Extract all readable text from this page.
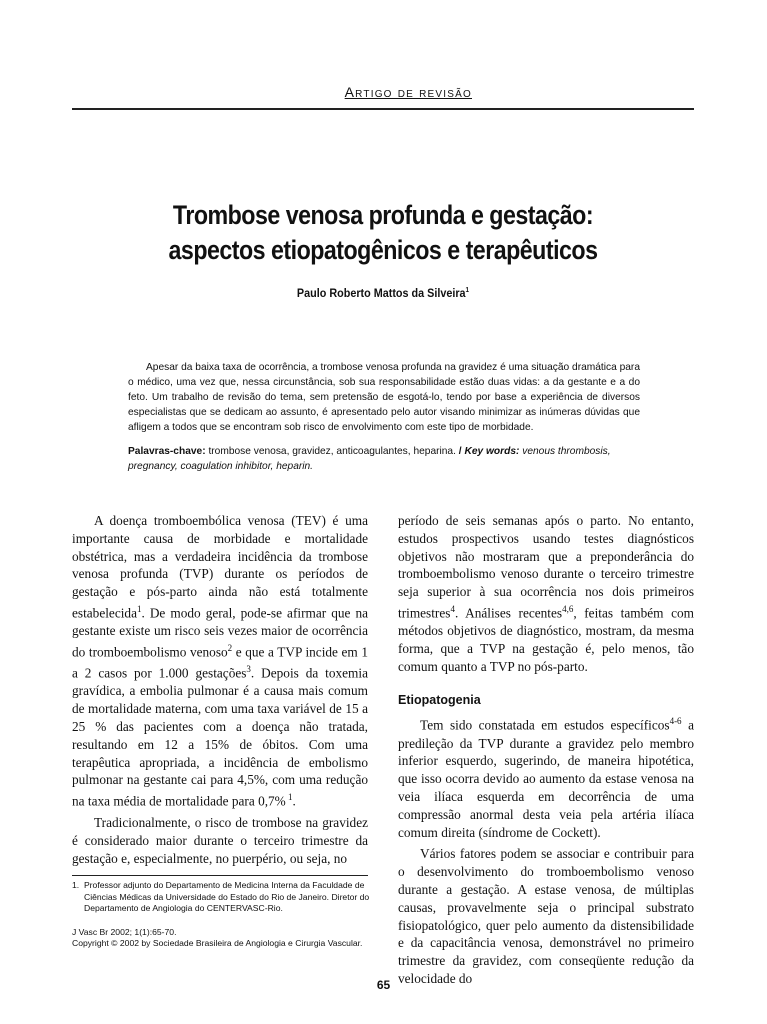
Artigo de revisão
Trombose venosa profunda e gestação:
aspectos etiopatogênicos e terapêuticos
Paulo Roberto Mattos da Silveira$^1$

Apesar da baixa taxa de ocorrência, a trombose venosa profunda na gravidez é uma situação dramática para o médico, uma vez que, nessa circunstância, sob sua responsabilidade estão duas vidas: a da gestante e a do feto. Um trabalho de revisão do tema, sem pretensão de esgotá-lo, tendo por base a experiência de diversos especialistas que se dedicam ao assunto, é apresentado pelo autor visando minimizar as inúmeras dúvidas que afligem a todos que se encontram sob risco de envolvimento com este tipo de morbidade.

Palavras-chave: trombose venosa, gravidez, anticoagulantes, heparina. / Key words: venous thrombosis, pregnancy, coagulation inhibitor, heparin.

A doença tromboembólica venosa (TEV) é uma importante causa de morbidade e mortalidade obstétrica, mas a verdadeira incidência da trombose venosa profunda (TVP) durante os períodos de gestação e pós-parto ainda não está totalmente estabelecida$^1$. De modo geral, pode-se afirmar que na gestante existe um risco seis vezes maior de ocorrência do tromboembolismo venoso$^2$ e que a TVP incide em 1 a 2 casos por 1.000 gestações$^3$. Depois da toxemia gravídica, a embolia pulmonar é a causa mais comum de mortalidade materna, com uma taxa variável de 15 a 25 % das pacientes com a doença não tratada, resultando em 12 a 15% de óbitos. Com uma terapêutica apropriada, a incidência de embolismo pulmonar na gestante cai para 4,5%, com uma redução na taxa média de mortalidade para 0,7% $^1$.

Tradicionalmente, o risco de trombose na gravidez é considerado maior durante o terceiro trimestre da gestação e, especialmente, no puerpério, ou seja, no

período de seis semanas após o parto. No entanto, estudos prospectivos usando testes diagnósticos objetivos não mostraram que a preponderância do tromboembolismo venoso durante o terceiro trimestre seja superior à sua ocorrência nos dois primeiros trimestres$^4$. Análises recentes$^{4,6}$, feitas também com métodos objetivos de diagnóstico, mostram, da mesma forma, que a TVP na gestação é, pelo menos, tão comum quanto a TVP no pós-parto.

Etiopatogenia

Tem sido constatada em estudos específicos$^{4-6}$ a predileção da TVP durante a gravidez pelo membro inferior esquerdo, sugerindo, de maneira hipotética, que isso ocorra devido ao aumento da estase venosa na veia ilíaca esquerda em decorrência de uma compressão anormal desta veia pela artéria ilíaca comum direita (síndrome de Cockett).

Vários fatores podem se associar e contribuir para o desenvolvimento do tromboembolismo venoso durante a gestação. A estase venosa, de múltiplas causas, provavelmente seja o principal substrato fisiopatológico, quer pelo aumento da distensibilidade e da capacitância venosa, demonstrável no primeiro trimestre da gravidez, com conseqüente redução da velocidade do

1.  Professor adjunto do Departamento de Medicina Interna da Faculdade de Ciências Médicas da Universidade do Estado do Rio de Janeiro. Diretor do Departamento de Angiologia do CENTERVASC-Rio.
J Vasc Br 2002; 1(1):65-70.
Copyright © 2002 by Sociedade Brasileira de Angiologia e Cirurgia Vascular.
65
